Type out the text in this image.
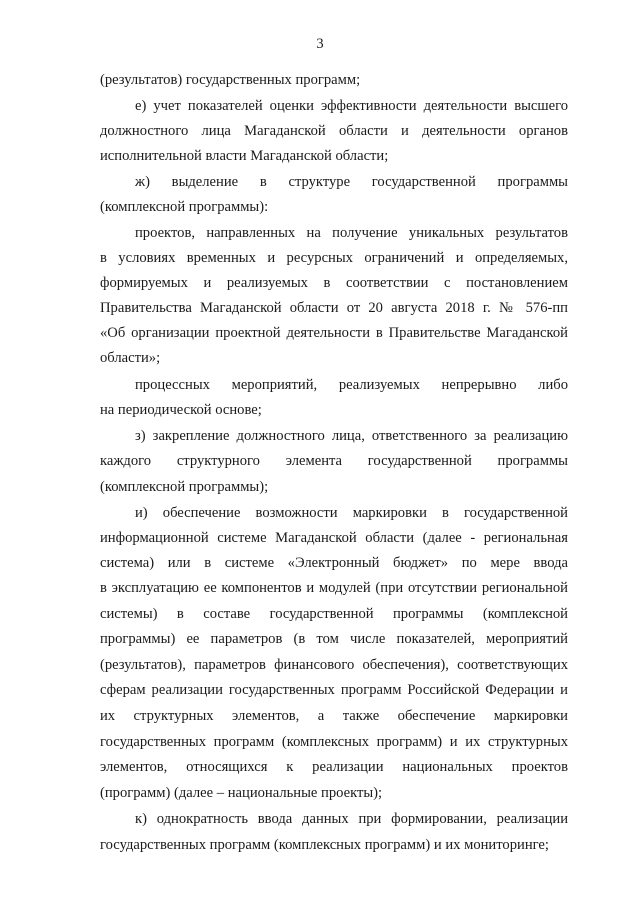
3
(результатов) государственных программ;
е) учет показателей оценки эффективности деятельности высшего
должностного лица Магаданской области и деятельности органов
исполнительной власти Магаданской области;
ж) выделение в структуре государственной программы
(комплексной программы):
проектов, направленных на получение уникальных результатов
в условиях временных и ресурсных ограничений и определяемых,
формируемых и реализуемых в соответствии с постановлением
Правительства Магаданской области от 20 августа 2018 г. № 576-пп
«Об организации проектной деятельности в Правительстве Магаданской
области»;
процессных мероприятий, реализуемых непрерывно либо
на периодической основе;
з) закрепление должностного лица, ответственного за реализацию
каждого структурного элемента государственной программы
(комплексной программы);
и) обеспечение возможности маркировки в государственной
информационной системе Магаданской области (далее - региональная
система) или в системе «Электронный бюджет» по мере ввода
в эксплуатацию ее компонентов и модулей (при отсутствии региональной
системы) в составе государственной программы (комплексной
программы) ее параметров (в том числе показателей, мероприятий
(результатов), параметров финансового обеспечения), соответствующих
сферам реализации государственных программ Российской Федерации и
их структурных элементов, а также обеспечение маркировки
государственных программ (комплексных программ) и их структурных
элементов, относящихся к реализации национальных проектов
(программ) (далее – национальные проекты);
к) однократность ввода данных при формировании, реализации
государственных программ (комплексных программ) и их мониторинге;
